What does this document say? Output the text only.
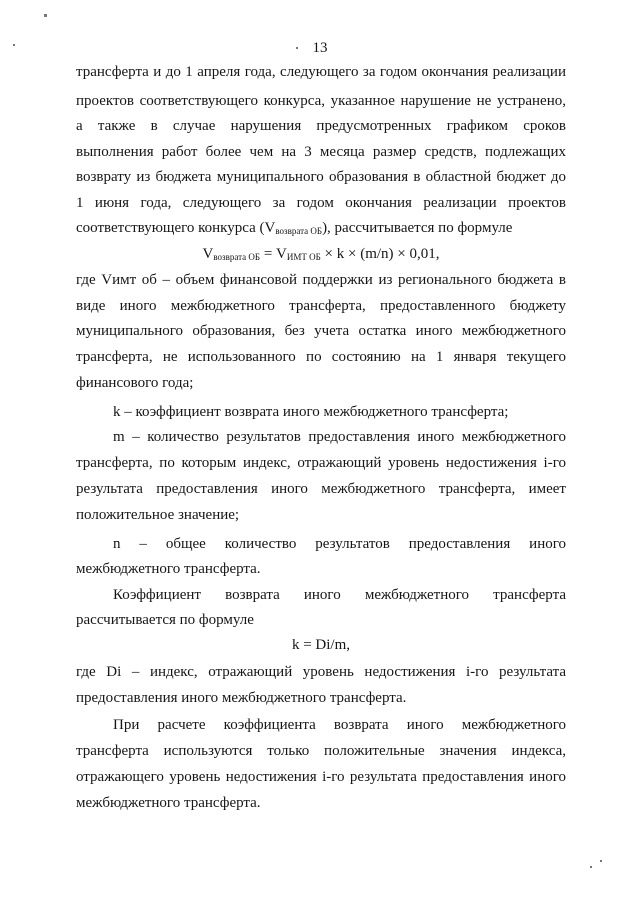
13
трансферта и до 1 апреля года, следующего за годом окончания реализации
проектов соответствующего конкурса, указанное нарушение не устранено,
а также в случае нарушения предусмотренных графиком сроков
выполнения работ более чем на 3 месяца размер средств, подлежащих
возврату из бюджета муниципального образования в областной бюджет до
1 июня года, следующего за годом окончания реализации проектов
соответствующего конкурса $(V_{возврата ОБ})$, рассчитывается по формуле
$V_{возврата ОБ} = V_{ИМТ ОБ} \times k \times (m/n) \times 0,01$,
где Vимт об – объем финансовой поддержки из регионального бюджета в
виде иного межбюджетного трансферта, предоставленного бюджету
муниципального образования, без учета остатка иного межбюджетного
трансферта, не использованного по состоянию на 1 января текущего
финансового года;
k – коэффициент возврата иного межбюджетного трансферта;
m – количество результатов предоставления иного межбюджетного
трансферта, по которым индекс, отражающий уровень недостижения i-го
результата предоставления иного межбюджетного трансферта, имеет
положительное значение;
n – общее количество результатов предоставления иного
межбюджетного трансферта.
Коэффициент возврата иного межбюджетного трансферта
рассчитывается по формуле
k = Di/m,
где Di – индекс, отражающий уровень недостижения i-го результата
предоставления иного межбюджетного трансферта.
При расчете коэффициента возврата иного межбюджетного
трансферта используются только положительные значения индекса,
отражающего уровень недостижения i-го результата предоставления иного
межбюджетного трансферта.
